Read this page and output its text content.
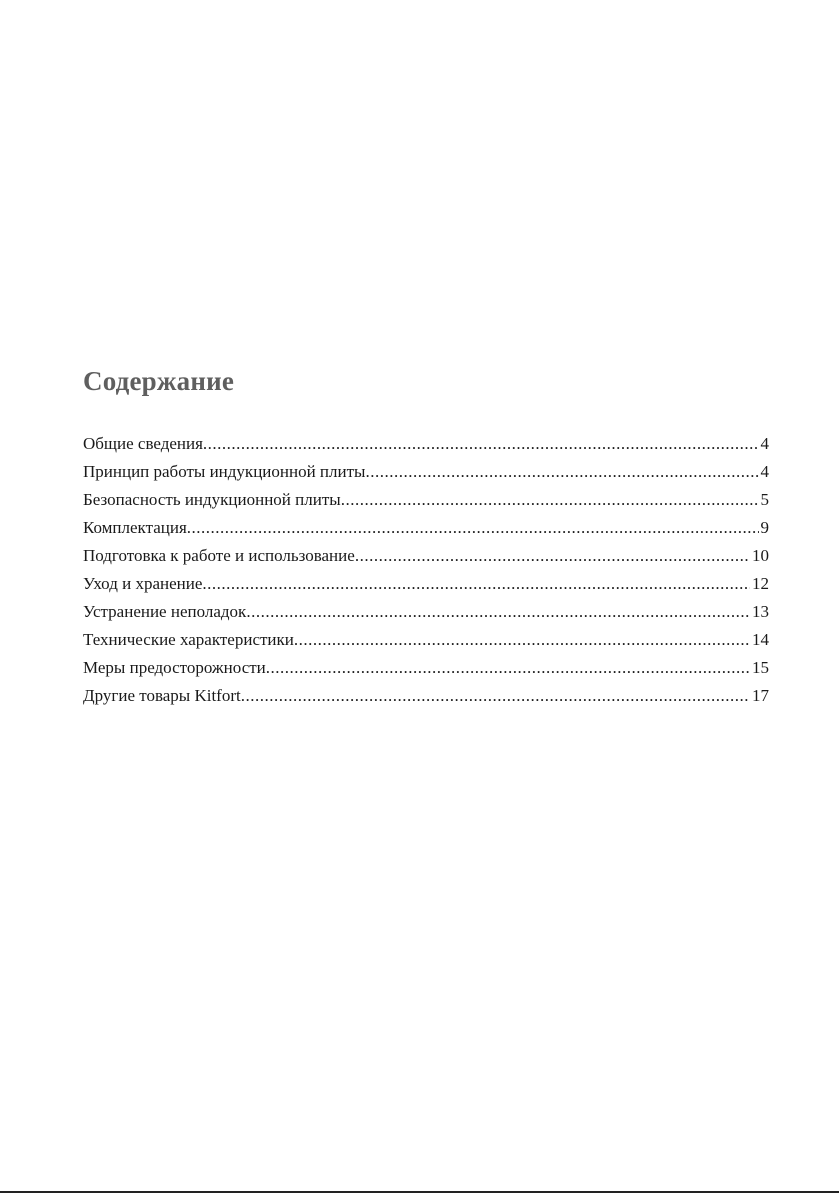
Содержание
Общие сведения .....	4
Принцип работы индукционной плиты .....	4
Безопасность индукционной плиты .....	5
Комплектация .....	9
Подготовка к работе и использование .....	10
Уход и хранение .....	12
Устранение неполадок .....	13
Технические характеристики .....	14
Меры предосторожности .....	15
Другие товары Kitfort .....	17
